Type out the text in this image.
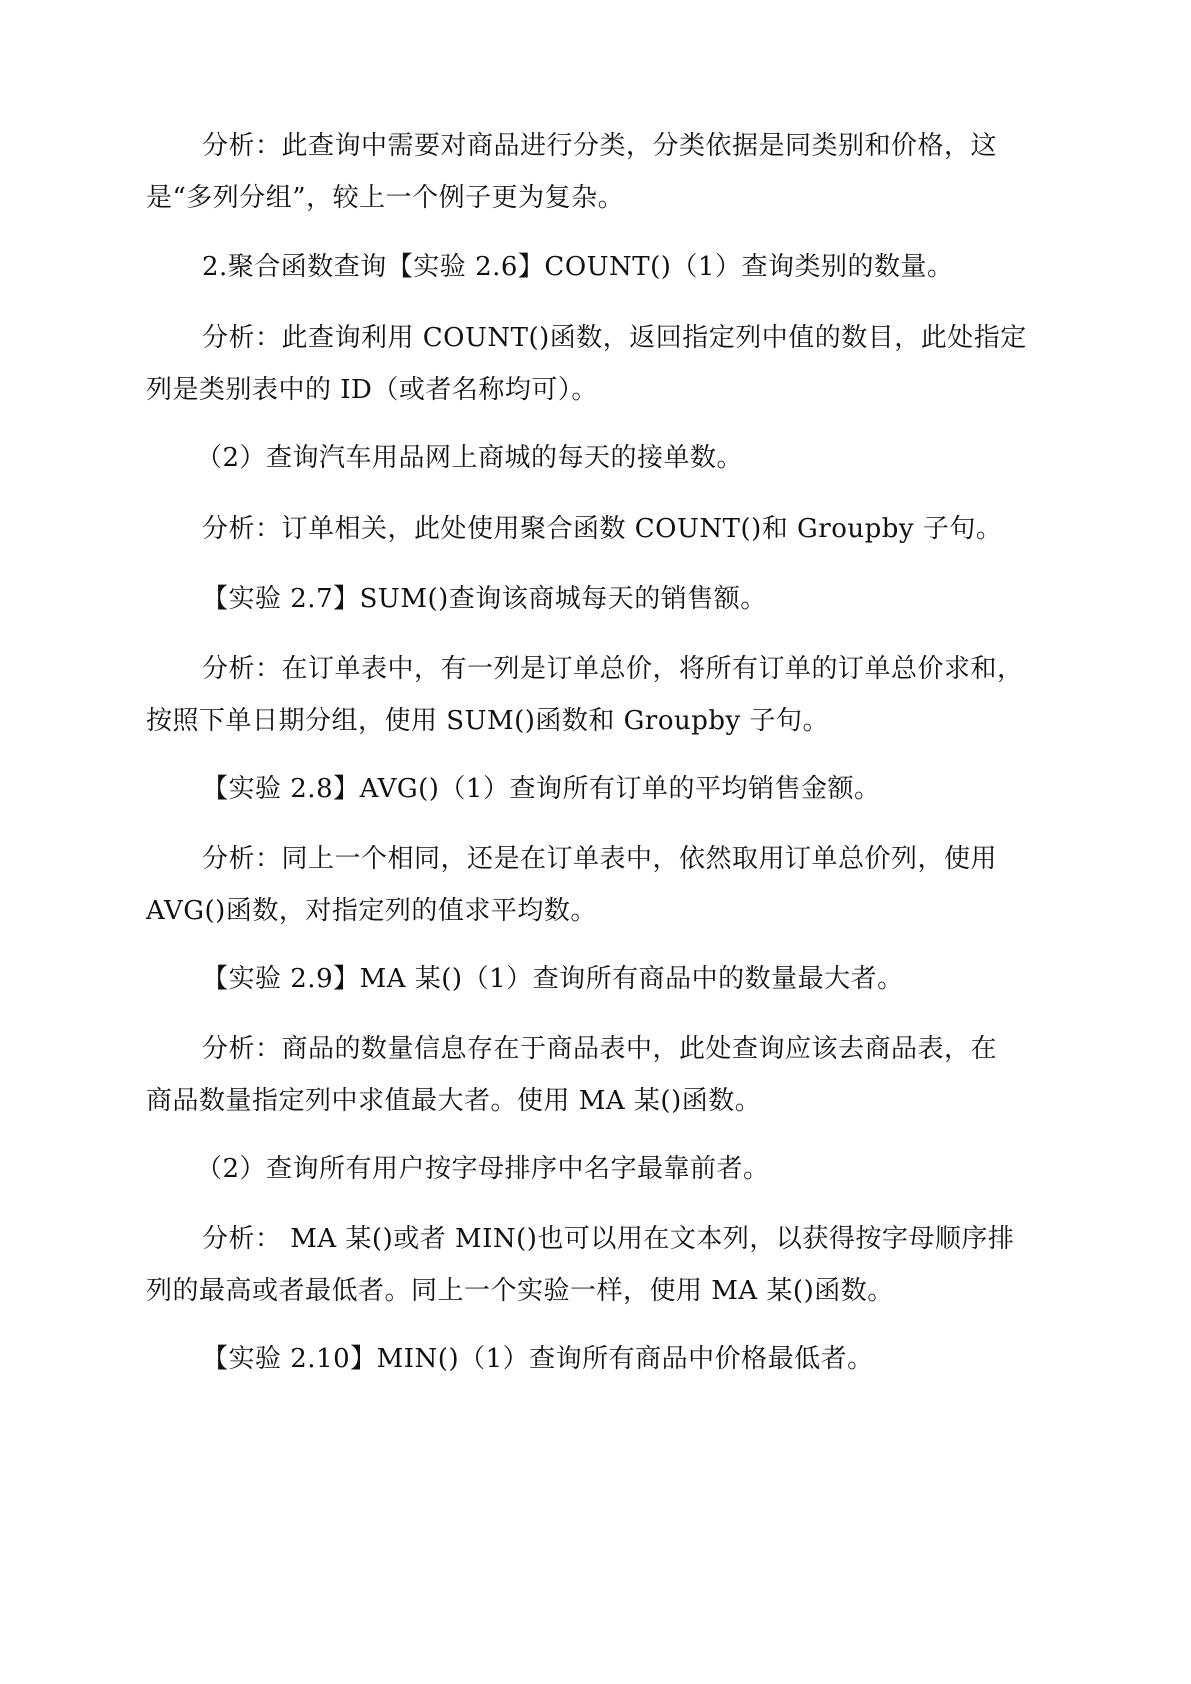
分析：此查询中需要对商品进行分类，分类依据是同类别和价格，这
是“多列分组”，较上一个例子更为复杂。
2.聚合函数查询【实验 2.6】COUNT()（1）查询类别的数量。
分析：此查询利用 COUNT()函数，返回指定列中值的数目，此处指定
列是类别表中的 ID（或者名称均可）。
（2）查询汽车用品网上商城的每天的接单数。
分析：订单相关，此处使用聚合函数 COUNT()和 Groupby 子句。
【实验 2.7】SUM()查询该商城每天的销售额。
分析：在订单表中，有一列是订单总价，将所有订单的订单总价求和，
按照下单日期分组，使用 SUM()函数和 Groupby 子句。
【实验 2.8】AVG()（1）查询所有订单的平均销售金额。
分析：同上一个相同，还是在订单表中，依然取用订单总价列，使用
AVG()函数，对指定列的值求平均数。
【实验 2.9】MA 某()（1）查询所有商品中的数量最大者。
分析：商品的数量信息存在于商品表中，此处查询应该去商品表，在
商品数量指定列中求值最大者。使用 MA 某()函数。
（2）查询所有用户按字母排序中名字最靠前者。
分析： MA 某()或者 MIN()也可以用在文本列，以获得按字母顺序排
列的最高或者最低者。同上一个实验一样，使用 MA 某()函数。
【实验 2.10】MIN()（1）查询所有商品中价格最低者。
